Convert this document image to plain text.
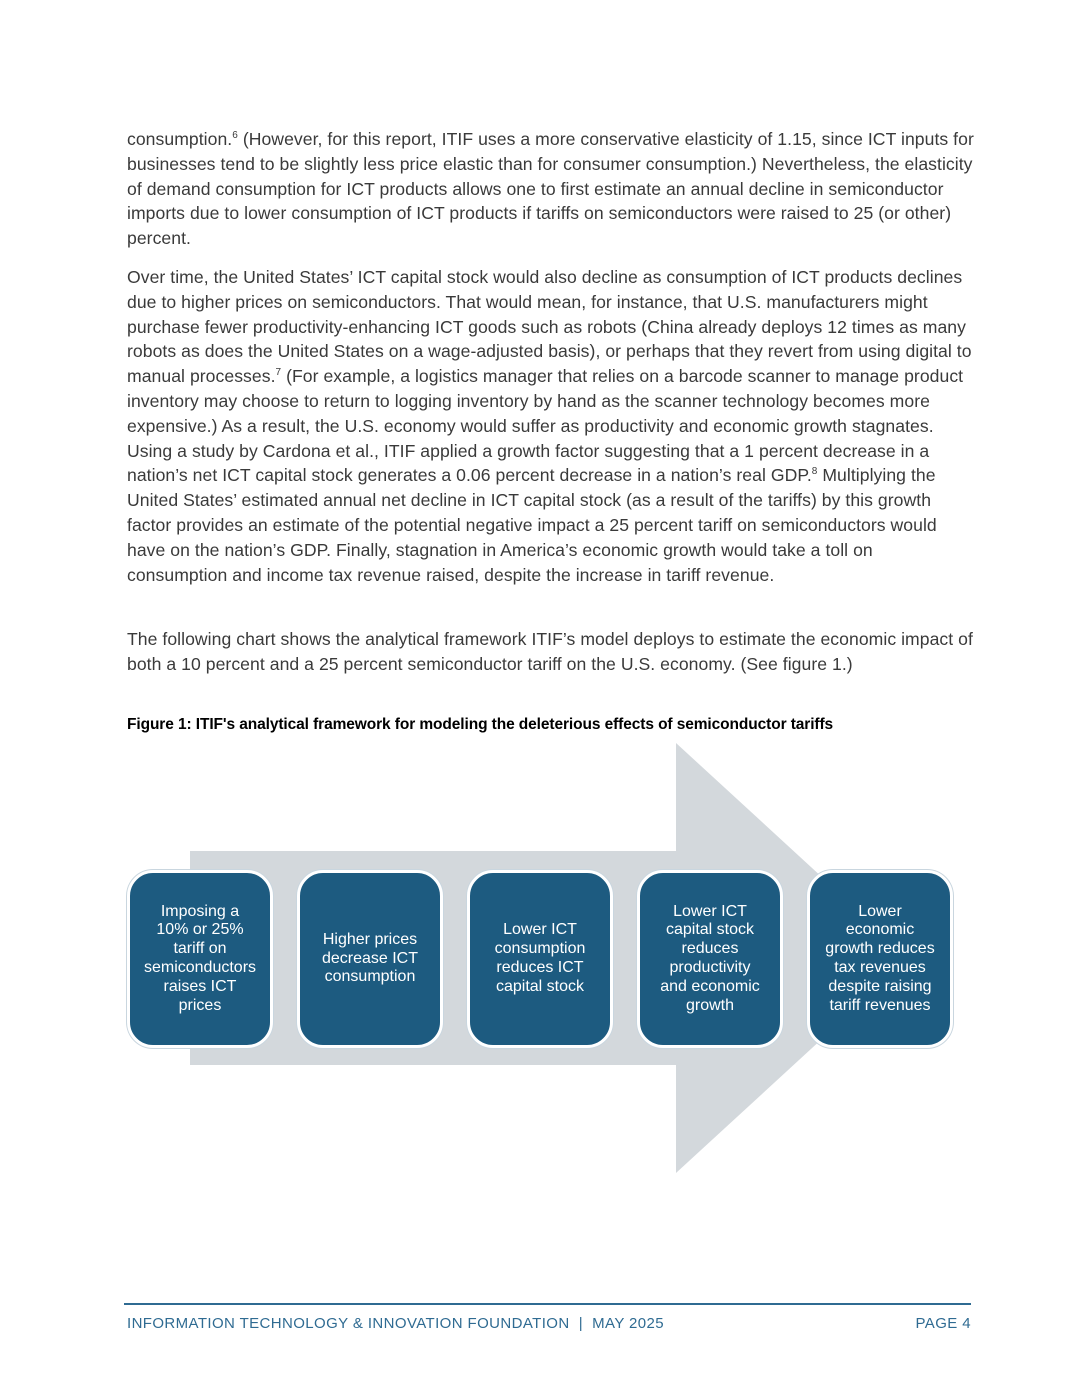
consumption.$^6$ (However, for this report, ITIF uses a more conservative elasticity of 1.15, since ICT inputs for businesses tend to be slightly less price elastic than for consumer consumption.) Nevertheless, the elasticity of demand consumption for ICT products allows one to first estimate an annual decline in semiconductor imports due to lower consumption of ICT products if tariffs on semiconductors were raised to 25 (or other) percent.

Over time, the United States’ ICT capital stock would also decline as consumption of ICT products declines due to higher prices on semiconductors. That would mean, for instance, that U.S. manufacturers might purchase fewer productivity-enhancing ICT goods such as robots (China already deploys 12 times as many robots as does the United States on a wage-adjusted basis), or perhaps that they revert from using digital to manual processes.$^7$ (For example, a logistics manager that relies on a barcode scanner to manage product inventory may choose to return to logging inventory by hand as the scanner technology becomes more expensive.) As a result, the U.S. economy would suffer as productivity and economic growth stagnates. Using a study by Cardona et al., ITIF applied a growth factor suggesting that a 1 percent decrease in a nation’s net ICT capital stock generates a 0.06 percent decrease in a nation’s real GDP.$^8$ Multiplying the United States’ estimated annual net decline in ICT capital stock (as a result of the tariffs) by this growth factor provides an estimate of the potential negative impact a 25 percent tariff on semiconductors would have on the nation’s GDP. Finally, stagnation in America’s economic growth would take a toll on consumption and income tax revenue raised, despite the increase in tariff revenue.

The following chart shows the analytical framework ITIF’s model deploys to estimate the economic impact of both a 10 percent and a 25 percent semiconductor tariff on the U.S. economy. (See figure 1.)

Figure 1: ITIF's analytical framework for modeling the deleterious effects of semiconductor tariffs
Imposing a
10% or 25%
tariff on
semiconductors
raises ICT
prices
Higher prices
decrease ICT
consumption
Lower ICT
consumption
reduces ICT
capital stock
Lower ICT
capital stock
reduces
productivity
and economic
growth
Lower
economic
growth reduces
tax revenues
despite raising
tariff revenues
INFORMATION TECHNOLOGY & INNOVATION FOUNDATION  |  MAY 2025	PAGE 4
